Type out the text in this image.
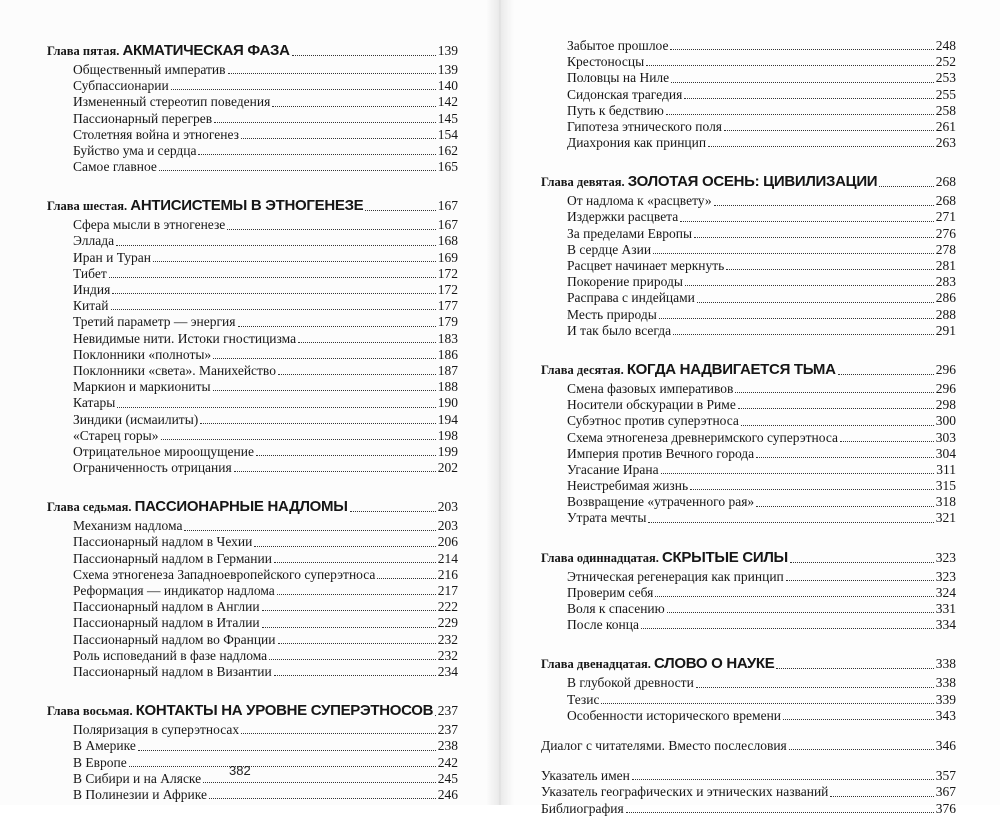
Глава пятая. АКМАТИЧЕСКАЯ ФАЗА	139
Общественный императив	139
Субпассионарии	140
Измененный стереотип поведения	142
Пассионарный перегрев	145
Столетняя война и этногенез	154
Буйство ума и сердца	162
Самое главное	165
Глава шестая. АНТИСИСТЕМЫ В ЭТНОГЕНЕЗЕ	167
Сфера мысли в этногенезе	167
Эллада	168
Иран и Туран	169
Тибет	172
Индия	172
Китай	177
Третий параметр — энергия	179
Невидимые нити. Истоки гностицизма	183
Поклонники «полноты»	186
Поклонники «света». Манихейство	187
Маркион и маркиониты	188
Катары	190
Зиндики (исмаилиты)	194
«Старец горы»	198
Отрицательное мироощущение	199
Ограниченность отрицания	202
Глава седьмая. ПАССИОНАРНЫЕ НАДЛОМЫ	203
Механизм надлома	203
Пассионарный надлом в Чехии	206
Пассионарный надлом в Германии	214
Схема этногенеза Западноевропейского суперэтноса	216
Реформация — индикатор надлома	217
Пассионарный надлом в Англии	222
Пассионарный надлом в Италии	229
Пассионарный надлом во Франции	232
Роль исповеданий в фазе надлома	232
Пассионарный надлом в Византии	234
Глава восьмая. КОНТАКТЫ НА УРОВНЕ СУПЕРЭТНОСОВ 237
Поляризация в суперэтносах	237
В Америке	238
В Европе	242
В Сибири и на Аляске	245
В Полинезии и Африке	246
Забытое прошлое	248
Крестоносцы	252
Половцы на Ниле	253
Сидонская трагедия	255
Путь к бедствию	258
Гипотеза этнического поля	261
Диахрония как принцип	263
Глава девятая. ЗОЛОТАЯ ОСЕНЬ: ЦИВИЛИЗАЦИИ	268
От надлома к «расцвету»	268
Издержки расцвета	271
За пределами Европы	276
В сердце Азии	278
Расцвет начинает меркнуть	281
Покорение природы	283
Расправа с индейцами	286
Месть природы	288
И так было всегда	291
Глава десятая. КОГДА НАДВИГАЕТСЯ ТЬМА	296
Смена фазовых императивов	296
Носители обскурации в Риме	298
Субэтнос против суперэтноса	300
Схема этногенеза древнеримского суперэтноса	303
Империя против Вечного города	304
Угасание Ирана	311
Неистребимая жизнь	315
Возвращение «утраченного рая»	318
Утрата мечты	321
Глава одиннадцатая. СКРЫТЫЕ СИЛЫ	323
Этническая регенерация как принцип	323
Проверим себя	324
Воля к спасению	331
После конца	334
Глава двенадцатая. СЛОВО О НАУКЕ	338
В глубокой древности	338
Тезис	339
Особенности исторического времени	343
Диалог с читателями. Вместо послесловия	346
Указатель имен	357
Указатель географических и этнических названий	367
Библиография	376
382
